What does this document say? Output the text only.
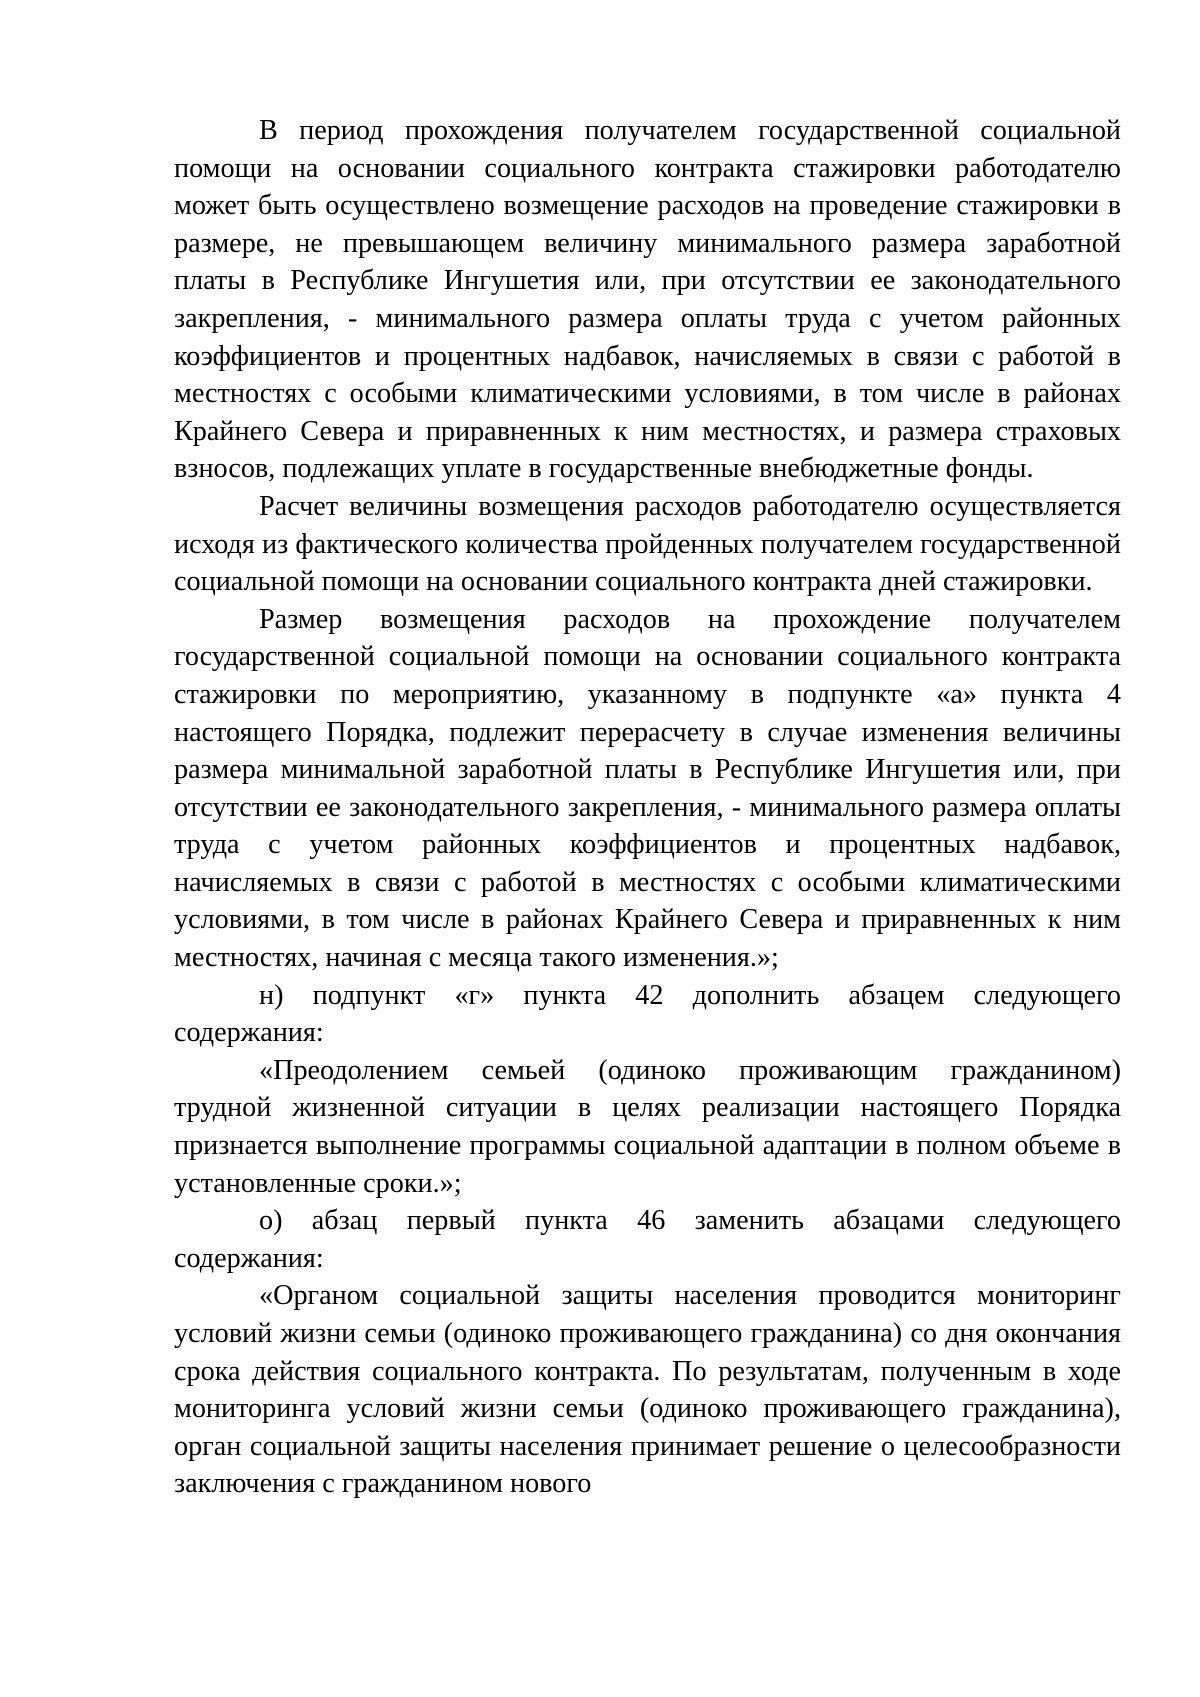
В период прохождения получателем государственной социальной помощи на основании социального контракта стажировки работодателю может быть осуществлено возмещение расходов на проведение стажировки в размере, не превышающем величину минимального размера заработной платы в Республике Ингушетия или, при отсутствии ее законодательного закрепления, - минимального размера оплаты труда с учетом районных коэффициентов и процентных надбавок, начисляемых в связи с работой в местностях с особыми климатическими условиями, в том числе в районах Крайнего Севера и приравненных к ним местностях, и размера страховых взносов, подлежащих уплате в государственные внебюджетные фонды.

Расчет величины возмещения расходов работодателю осуществляется исходя из фактического количества пройденных получателем государственной социальной помощи на основании социального контракта дней стажировки.

Размер возмещения расходов на прохождение получателем государственной социальной помощи на основании социального контракта стажировки по мероприятию, указанному в подпункте «а» пункта 4 настоящего Порядка, подлежит перерасчету в случае изменения величины размера минимальной заработной платы в Республике Ингушетия или, при отсутствии ее законодательного закрепления, - минимального размера оплаты труда с учетом районных коэффициентов и процентных надбавок, начисляемых в связи с работой в местностях с особыми климатическими условиями, в том числе в районах Крайнего Севера и приравненных к ним местностях, начиная с месяца такого изменения.»;

н) подпункт «г» пункта 42 дополнить абзацем следующего содержания:

«Преодолением семьей (одиноко проживающим гражданином) трудной жизненной ситуации в целях реализации настоящего Порядка признается выполнение программы социальной адаптации в полном объеме в установленные сроки.»;

о) абзац первый пункта 46 заменить абзацами следующего содержания:

«Органом социальной защиты населения проводится мониторинг условий жизни семьи (одиноко проживающего гражданина) со дня окончания срока действия социального контракта. По результатам, полученным в ходе мониторинга условий жизни семьи (одиноко проживающего гражданина), орган социальной защиты населения принимает решение о целесообразности заключения с гражданином нового
